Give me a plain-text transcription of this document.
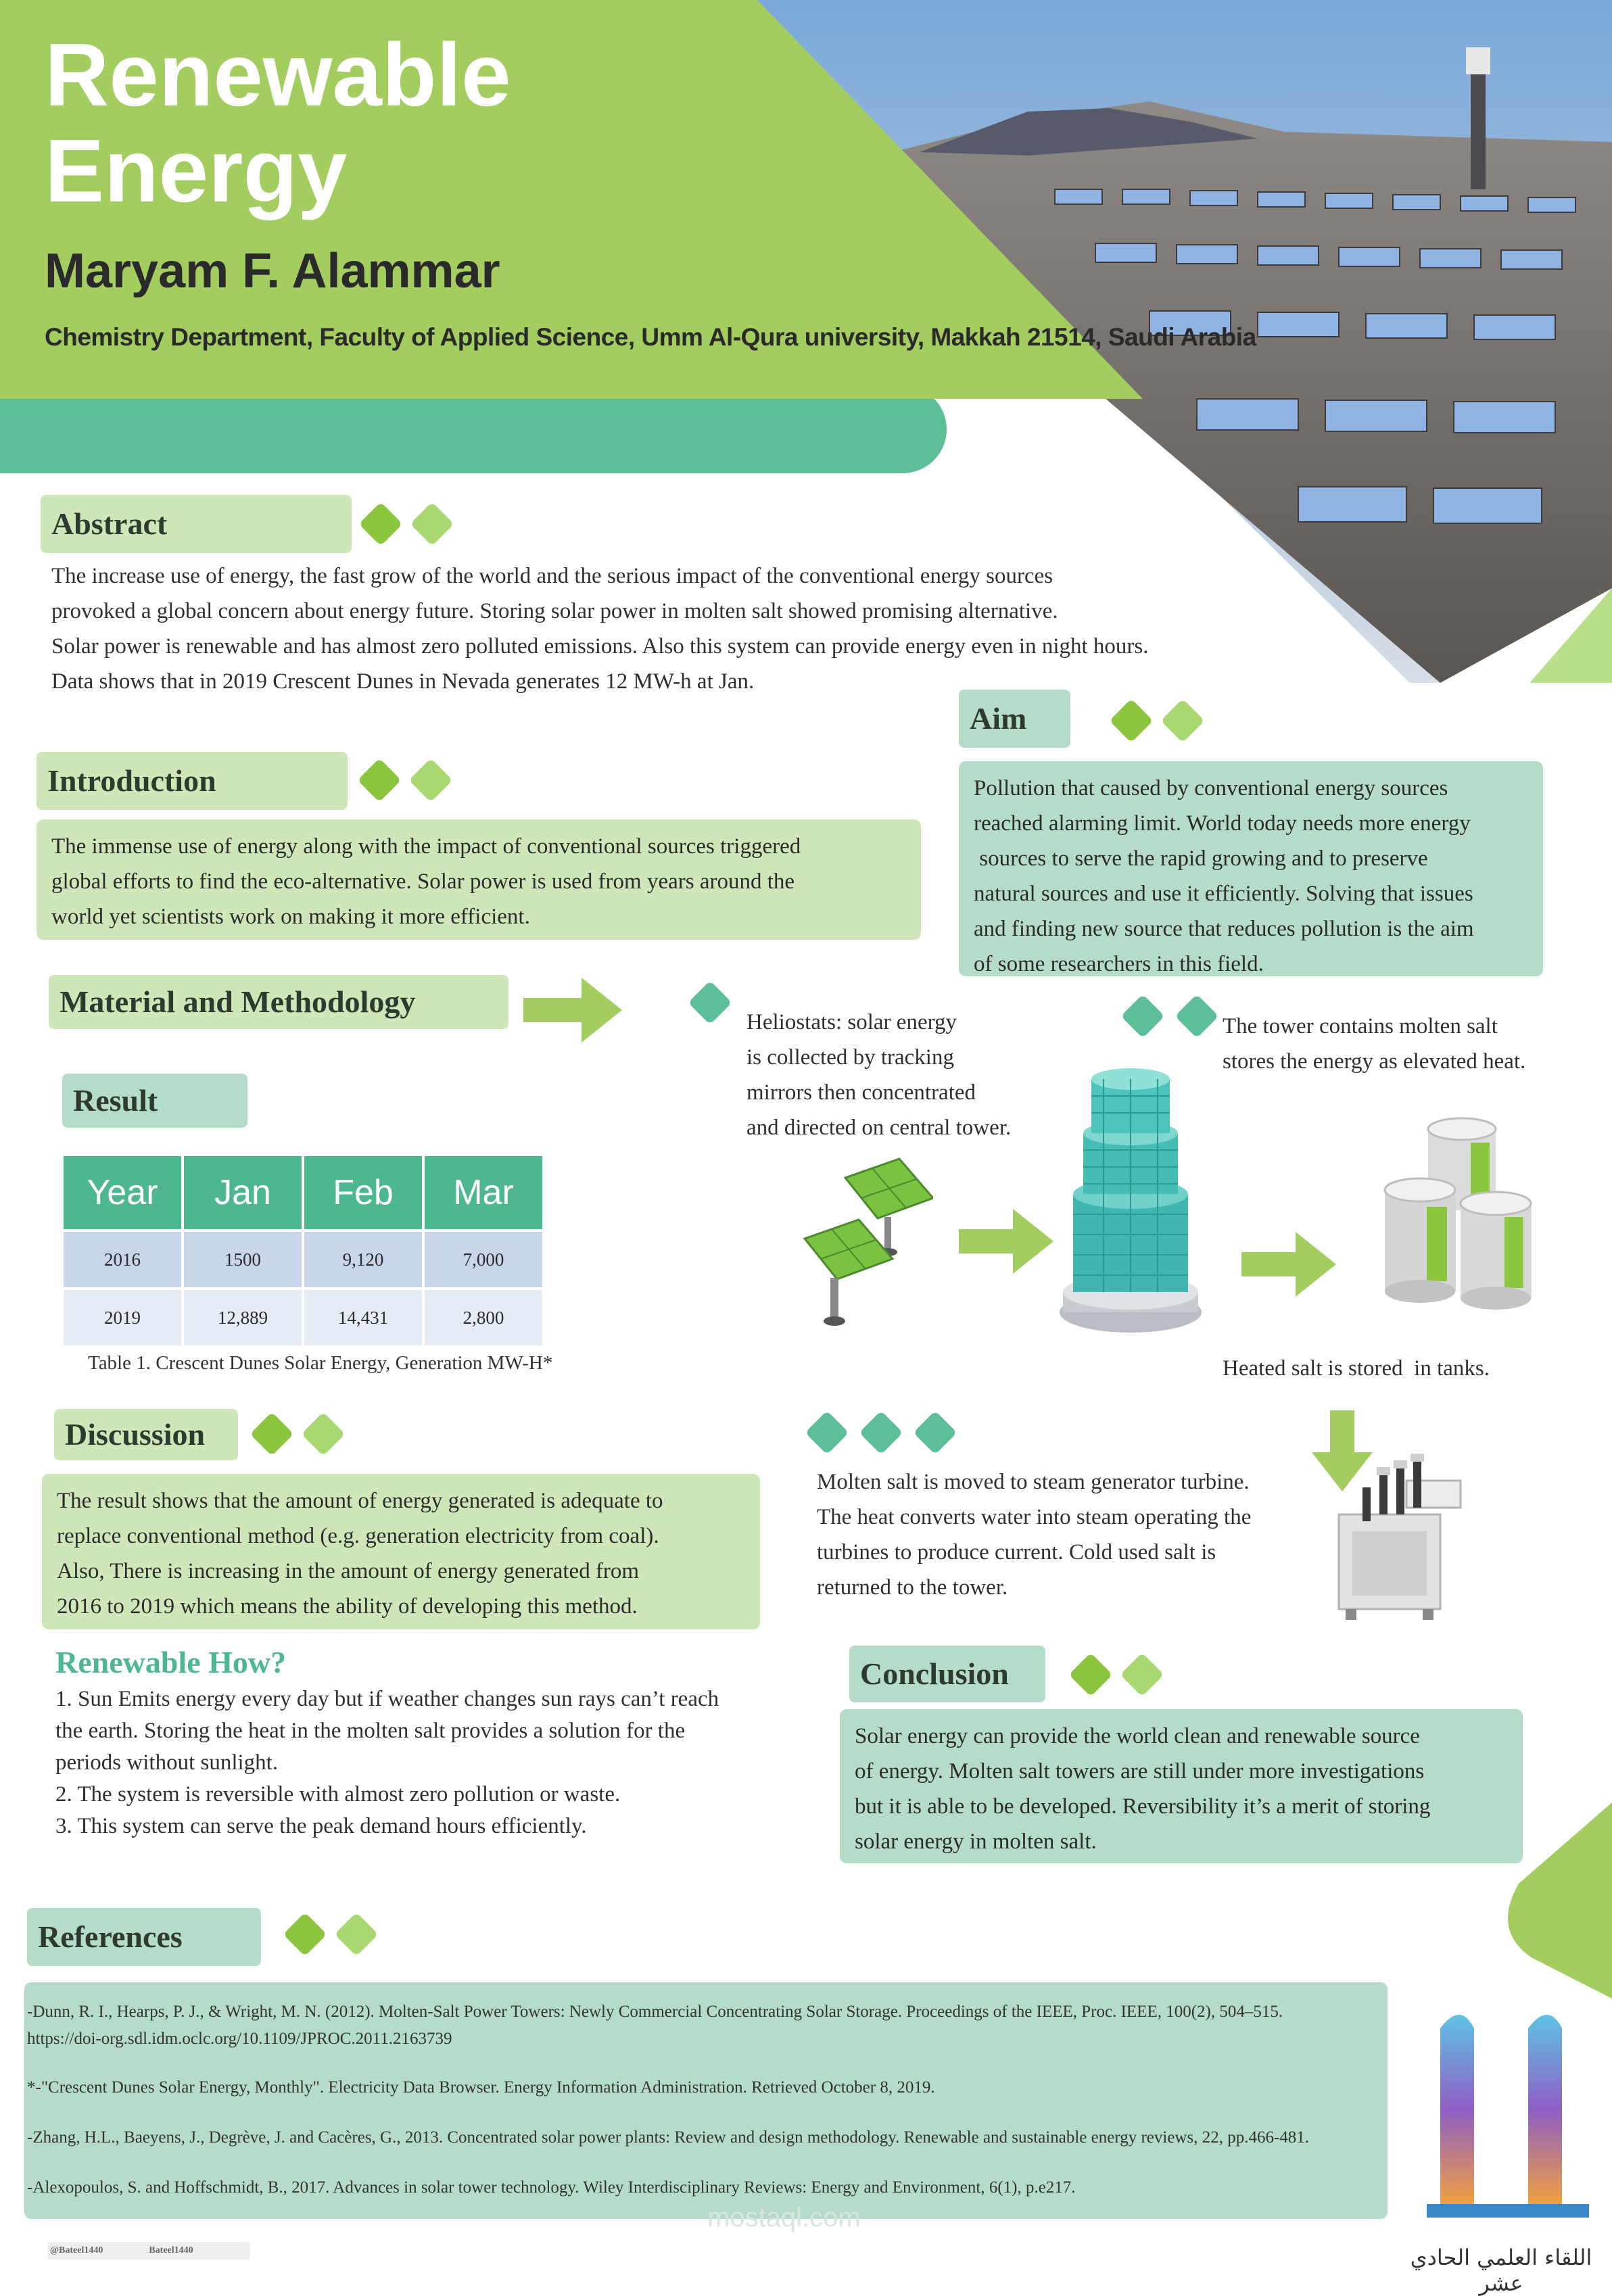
Renewable
Energy
Maryam F. Alammar
Chemistry Department, Faculty of Applied Science, Umm Al-Qura university, Makkah 21514, Saudi Arabia
Abstract
The increase use of energy, the fast grow of the world and the serious impact of the conventional energy sources
provoked a global concern about energy future. Storing solar power in molten salt showed promising alternative.
Solar power is renewable and has almost zero polluted emissions. Also this system can provide energy even in night hours.
Data shows that in 2019 Crescent Dunes in Nevada generates 12 MW-h at Jan.
Aim
Pollution that caused by conventional energy sources
reached alarming limit. World today needs more energy
sources to serve the rapid growing and to preserve
natural sources and use it efficiently. Solving that issues
and finding new source that reduces pollution is the aim
of some researchers in this field.
Introduction
The immense use of energy along with the impact of conventional sources triggered
global efforts to find the eco-alternative. Solar power is used from years around the
world yet scientists work on making it more efficient.
Material and Methodology
Heliostats: solar energy
is collected by tracking
mirrors then concentrated
and directed on central tower.
The tower contains molten salt
stores the energy as elevated heat.
Heated salt is stored  in tanks.
Molten salt is moved to steam generator turbine.
The heat converts water into steam operating the
turbines to produce current. Cold used salt is
returned to the tower.
Result
Year	Jan	Feb	Mar
2016	1500	9,120	7,000
2019	12,889	14,431	2,800
Table 1. Crescent Dunes Solar Energy, Generation MW-H*
Discussion
The result shows that the amount of energy generated is adequate to
replace conventional method (e.g. generation electricity from coal).
Also, There is increasing in the amount of energy generated from
2016 to 2019 which means the ability of developing this method.
Renewable How?
1. Sun Emits energy every day but if weather changes sun rays can’t reach
the earth. Storing the heat in the molten salt provides a solution for the
periods without sunlight.
2. The system is reversible with almost zero pollution or waste.
3. This system can serve the peak demand hours efficiently.
Conclusion
Solar energy can provide the world clean and renewable source
of energy. Molten salt towers are still under more investigations
but it is able to be developed. Reversibility it’s a merit of storing
solar energy in molten salt.
References
-Dunn, R. I., Hearps, P. J., & Wright, M. N. (2012). Molten-Salt Power Towers: Newly Commercial Concentrating Solar Storage. Proceedings of the IEEE, Proc. IEEE, 100(2), 504–515.
https://doi-org.sdl.idm.oclc.org/10.1109/JPROC.2011.2163739
*-"Crescent Dunes Solar Energy, Monthly". Electricity Data Browser. Energy Information Administration. Retrieved October 8, 2019.
-Zhang, H.L., Baeyens, J., Degrève, J. and Cacères, G., 2013. Concentrated solar power plants: Review and design methodology. Renewable and sustainable energy reviews, 22, pp.466-481.
-Alexopoulos, S. and Hoffschmidt, B., 2017. Advances in solar tower technology. Wiley Interdisciplinary Reviews: Energy and Environment, 6(1), p.e217.
mostaql.com
@Bateel1440	Bateel1440	اللقاء العلمي الحادي عشر
